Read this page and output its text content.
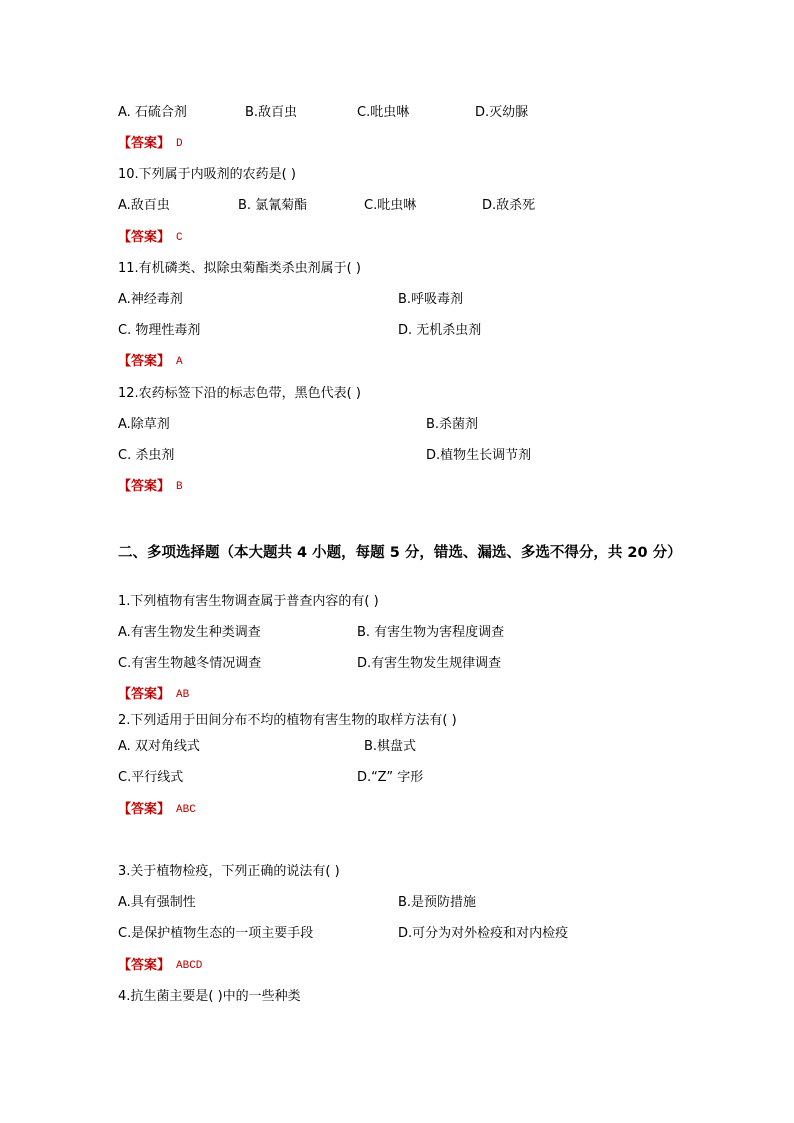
A. 石硫合剂	B.敌百虫	C.吡虫啉	D.灭幼脲
【答案】 D
10.下列属于内吸剂的农药是( )
A.敌百虫	B. 氯氰菊酯	C.吡虫啉	D.敌杀死
【答案】 C
11.有机磷类、拟除虫菊酯类杀虫剂属于( )
A.神经毒剂	B.呼吸毒剂
C. 物理性毒剂	D. 无机杀虫剂
【答案】 A
12.农药标签下沿的标志色带，黑色代表( )
A.除草剂	B.杀菌剂
C. 杀虫剂	D.植物生长调节剂
【答案】 B
二、多项选择题（本大题共 4 小题，每题 5 分，错选、漏选、多选不得分，共 20 分）
1.下列植物有害生物调查属于普查内容的有( )
A.有害生物发生种类调查	B. 有害生物为害程度调查
C.有害生物越冬情况调查	D.有害生物发生规律调查
【答案】 AB
2.下列适用于田间分布不均的植物有害生物的取样方法有( )
A. 双对角线式	B.棋盘式
C.平行线式	D.“Z” 字形
【答案】 ABC
3.关于植物检疫，下列正确的说法有( )
A.具有强制性	B.是预防措施
C.是保护植物生态的一项主要手段	D.可分为对外检疫和对内检疫
【答案】 ABCD
4.抗生菌主要是( )中的一些种类
